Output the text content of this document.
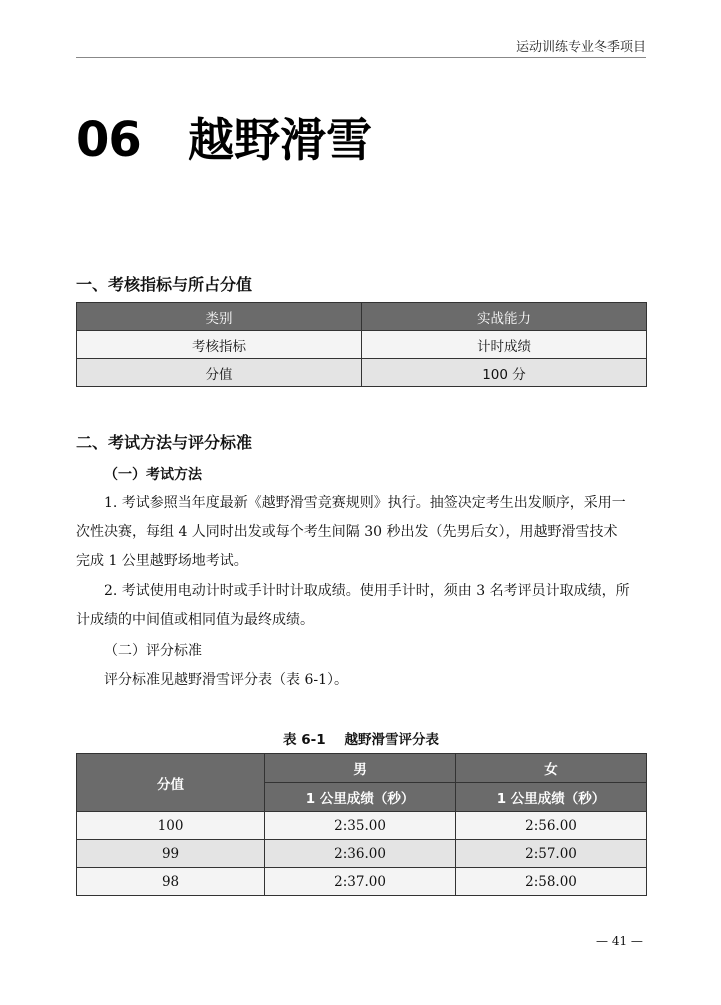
运动训练专业冬季项目
06 越野滑雪
一、考核指标与所占分值
类别	实战能力
考核指标	计时成绩
分值	100 分
二、考试方法与评分标准
（一）考试方法
1. 考试参照当年度最新《越野滑雪竞赛规则》执行。抽签决定考生出发顺序，采用一
次性决赛，每组 4 人同时出发或每个考生间隔 30 秒出发（先男后女），用越野滑雪技术
完成 1 公里越野场地考试。
2. 考试使用电动计时或手计时计取成绩。使用手计时，须由 3 名考评员计取成绩，所
计成绩的中间值或相同值为最终成绩。
（二）评分标准
评分标准见越野滑雪评分表（表 6-1）。
表 6-1 越野滑雪评分表
分值	男	女
	1 公里成绩（秒）	1 公里成绩（秒）
100	2:35.00	2:56.00
99	2:36.00	2:57.00
98	2:37.00	2:58.00
— 41 —
